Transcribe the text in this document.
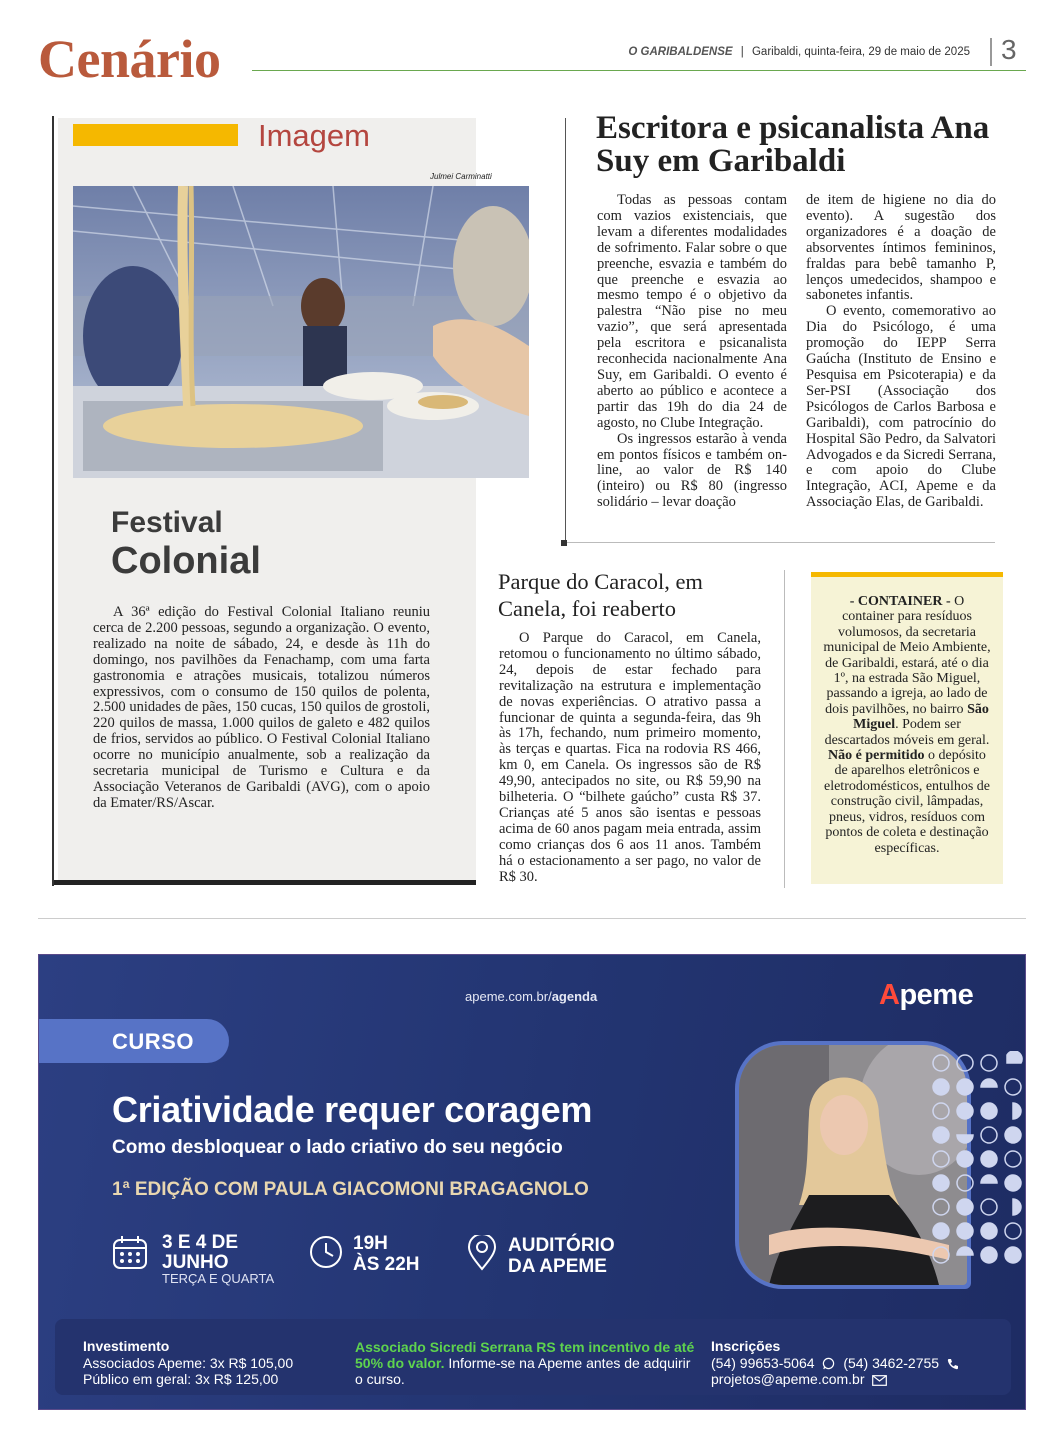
Cenário	O GARIBALDENSE | Garibaldi, quinta-feira, 29 de maio de 2025 3
Imagem
Julmei Carminatti
Festival
Colonial

A 36ª edição do Festival Colonial Italiano reuniu cerca de 2.200 pessoas, segundo a organização. O evento, realizado na noite de sábado, 24, e desde às 11h do domingo, nos pavilhões da Fenachamp, com uma farta gastronomia e atrações musicais, totalizou números expressivos, com o consumo de 150 quilos de polenta, 2.500 unidades de pães, 150 cucas, 150 quilos de grostoli, 220 quilos de massa, 1.000 quilos de galeto e 482 quilos de frios, servidos ao público. O Festival Colonial Italiano ocorre no município anualmente, sob a realização da secretaria municipal de Turismo e Cultura e da Associação Veteranos de Garibaldi (AVG), com o apoio da Emater/RS/Ascar.

Escritora e psicanalista Ana Suy em Garibaldi

Todas as pessoas contam com vazios existenciais, que levam a diferentes modalidades de sofrimento. Falar sobre o que preenche, esvazia e também do que preenche e esvazia ao mesmo tempo é o objetivo da palestra “Não pise no meu vazio”, que será apresentada pela escritora e psicanalista reconhecida nacionalmente Ana Suy, em Garibaldi. O evento é aberto ao público e acontece a partir das 19h do dia 24 de agosto, no Clube Integração.

Os ingressos estarão à venda em pontos físicos e também on-line, ao valor de R$ 140 (inteiro) ou R$ 80 (ingresso solidário – levar doação

de item de higiene no dia do evento). A sugestão dos organizadores é a doação de absorventes íntimos femininos, fraldas para bebê tamanho P, lenços umedecidos, shampoo e sabonetes infantis.

O evento, comemorativo ao Dia do Psicólogo, é uma promoção do IEPP Serra Gaúcha (Instituto de Ensino e Pesquisa em Psicoterapia) e da Ser-PSI (Associação dos Psicólogos de Carlos Barbosa e Garibaldi), com patrocínio do Hospital São Pedro, da Salvatori Advogados e da Sicredi Serrana, e com apoio do Clube Integração, ACI, Apeme e da Associação Elas, de Garibaldi.

Parque do Caracol, em Canela, foi reaberto

O Parque do Caracol, em Canela, retomou o funcionamento no último sábado, 24, depois de estar fechado para revitalização na estrutura e implementação de novas experiências. O atrativo passa a funcionar de quinta a segunda-feira, das 9h às 17h, fechando, num primeiro momento, às terças e quartas. Fica na rodovia RS 466, km 0, em Canela. Os ingressos são de R$ 49,90, antecipados no site, ou R$ 59,90 na bilheteria. O “bilhete gaúcho” custa R$ 37. Crianças até 5 anos são isentas e pessoas acima de 60 anos pagam meia entrada, assim como crianças dos 6 aos 11 anos. Também há o estacionamento a ser pago, no valor de R$ 30.

- CONTAINER - O container para resíduos volumosos, da secretaria municipal de Meio Ambiente, de Garibaldi, estará, até o dia 1º, na estrada São Miguel, passando a igreja, ao lado de dois pavilhões, no bairro São Miguel. Podem ser descartados móveis em geral. Não é permitido o depósito de aparelhos eletrônicos e eletrodomésticos, entulhos de construção civil, lâmpadas, pneus, vidros, resíduos com pontos de coleta e destinação específicas.
apeme.com.br/agenda	Apeme
CURSO
Criatividade requer coragem
Como desbloquear o lado criativo do seu negócio
1ª EDIÇÃO COM PAULA GIACOMONI BRAGAGNOLO
3 E 4 DE
JUNHO
TERÇA E QUARTA
19H
ÀS 22H
AUDITÓRIO
DA APEME
Investimento
Associados Apeme: 3x R$ 105,00
Público em geral: 3x R$ 125,00
Associado Sicredi Serrana RS tem incentivo de até 50% do valor. Informe-se na Apeme antes de adquirir o curso.
Inscrições
(54) 99653-5064 (54) 3462-2755
projetos@apeme.com.br
